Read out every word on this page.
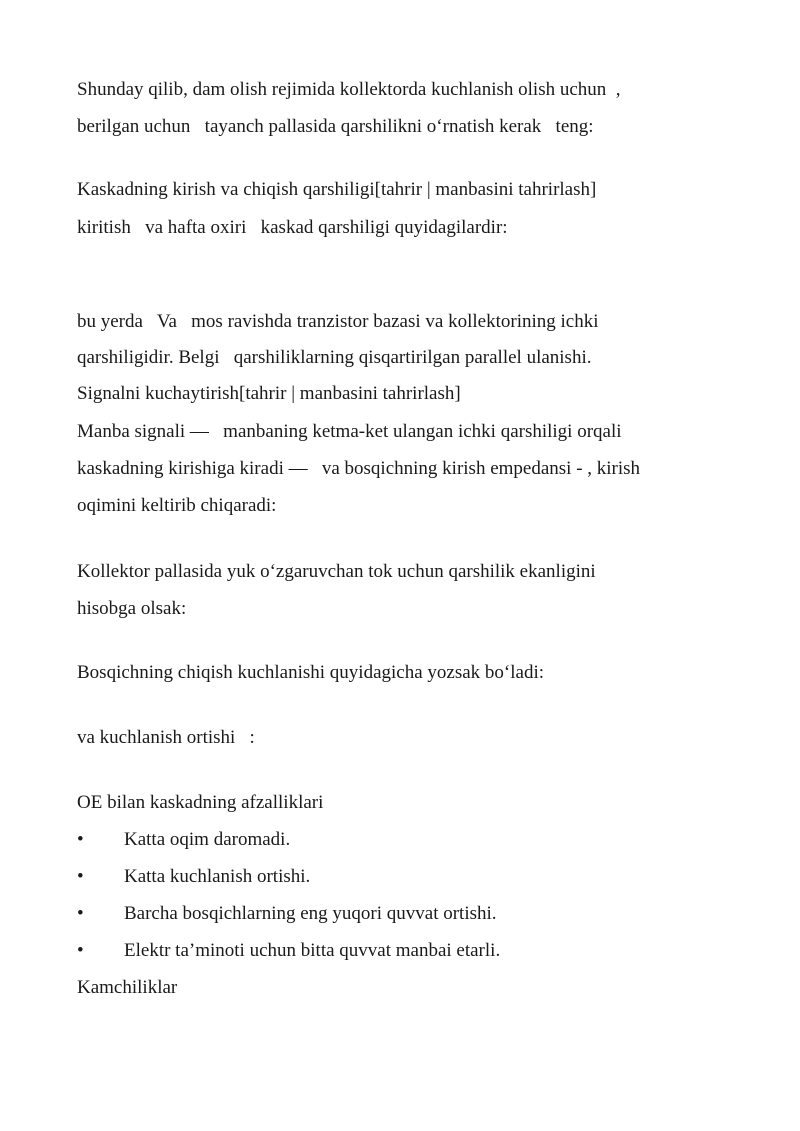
Shunday qilib, dam olish rejimida kollektorda kuchlanish olish uchun  ,
berilgan uchun   tayanch pallasida qarshilikni o‘rnatish kerak   teng:
Kaskadning kirish va chiqish qarshiligi[tahrir | manbasini tahrirlash]
kiritish   va hafta oxiri   kaskad qarshiligi quyidagilardir:
bu yerda   Va   mos ravishda tranzistor bazasi va kollektorining ichki
qarshiligidir. Belgi   qarshiliklarning qisqartirilgan parallel ulanishi.
Signalni kuchaytirish[tahrir | manbasini tahrirlash]
Manba signali —   manbaning ketma-ket ulangan ichki qarshiligi orqali
kaskadning kirishiga kiradi —   va bosqichning kirish empedansi - , kirish
oqimini keltirib chiqaradi:
Kollektor pallasida yuk o‘zgaruvchan tok uchun qarshilik ekanligini
hisobga olsak:
Bosqichning chiqish kuchlanishi quyidagicha yozsak bo‘ladi:
va kuchlanish ortishi   :
OE bilan kaskadning afzalliklari
• Katta oqim daromadi.
• Katta kuchlanish ortishi.
• Barcha bosqichlarning eng yuqori quvvat ortishi.
• Elektr ta’minoti uchun bitta quvvat manbai etarli.
Kamchiliklar
